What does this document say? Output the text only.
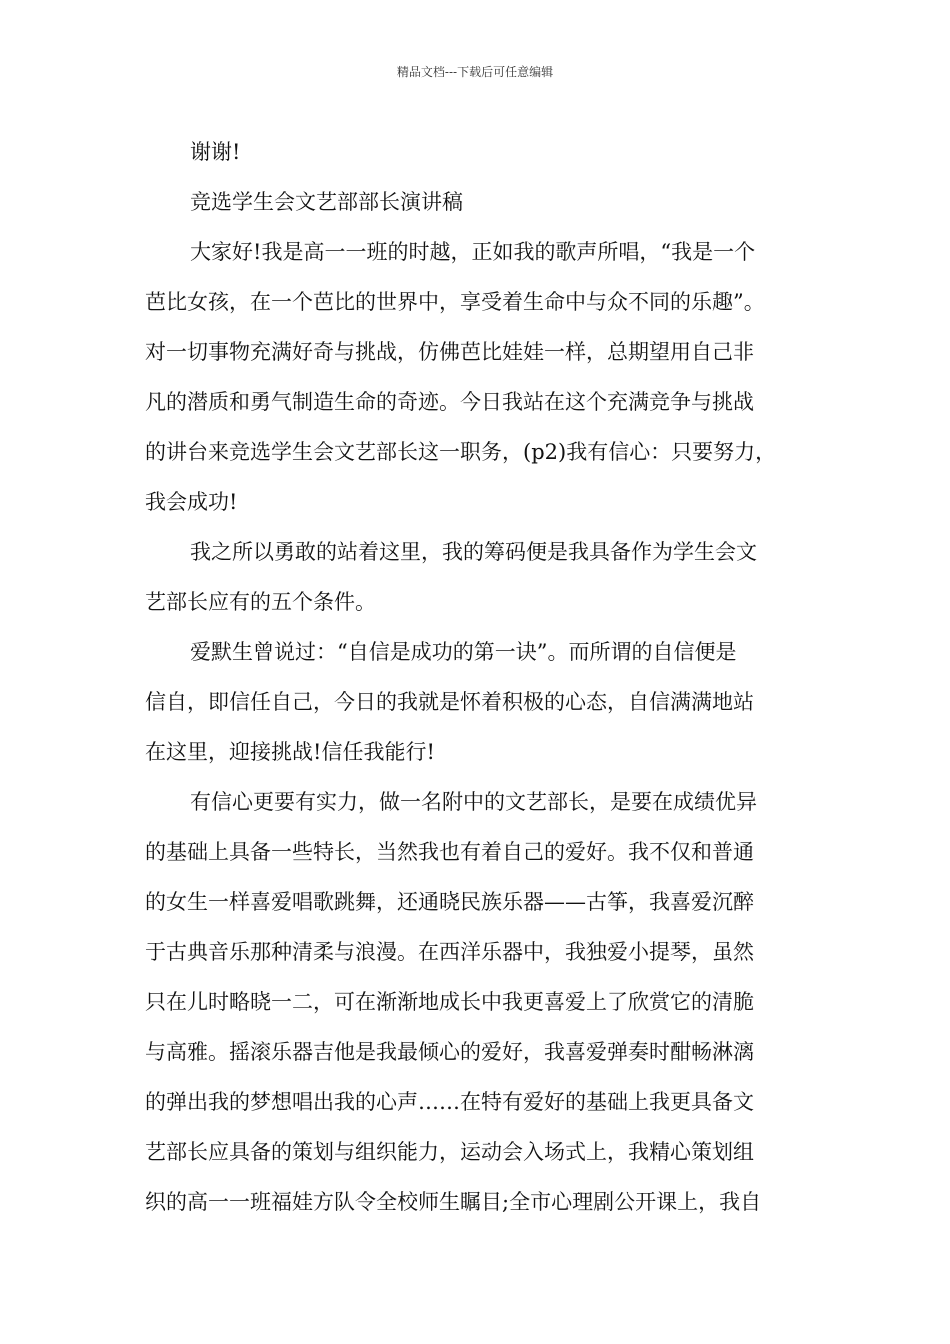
精品文档---下载后可任意编辑
谢谢!
竞选学生会文艺部部长演讲稿
大家好!我是高一一班的时越，正如我的歌声所唱，“我是一个
芭比女孩，在一个芭比的世界中，享受着生命中与众不同的乐趣”。
对一切事物充满好奇与挑战，仿佛芭比娃娃一样，总期望用自己非
凡的潜质和勇气制造生命的奇迹。今日我站在这个充满竞争与挑战
的讲台来竞选学生会文艺部长这一职务，(p2)我有信心：只要努力，
我会成功!
我之所以勇敢的站着这里，我的筹码便是我具备作为学生会文
艺部长应有的五个条件。
爱默生曾说过：“自信是成功的第一诀”。而所谓的自信便是
信自，即信任自己，今日的我就是怀着积极的心态，自信满满地站
在这里，迎接挑战!信任我能行!
有信心更要有实力，做一名附中的文艺部长，是要在成绩优异
的基础上具备一些特长，当然我也有着自己的爱好。我不仅和普通
的女生一样喜爱唱歌跳舞，还通晓民族乐器——古筝，我喜爱沉醉
于古典音乐那种清柔与浪漫。在西洋乐器中，我独爱小提琴，虽然
只在儿时略晓一二，可在渐渐地成长中我更喜爱上了欣赏它的清脆
与高雅。摇滚乐器吉他是我最倾心的爱好，我喜爱弹奏时酣畅淋漓
的弹出我的梦想唱出我的心声……在特有爱好的基础上我更具备文
艺部长应具备的策划与组织能力，运动会入场式上，我精心策划组
织的高一一班福娃方队令全校师生瞩目;全市心理剧公开课上，我自
